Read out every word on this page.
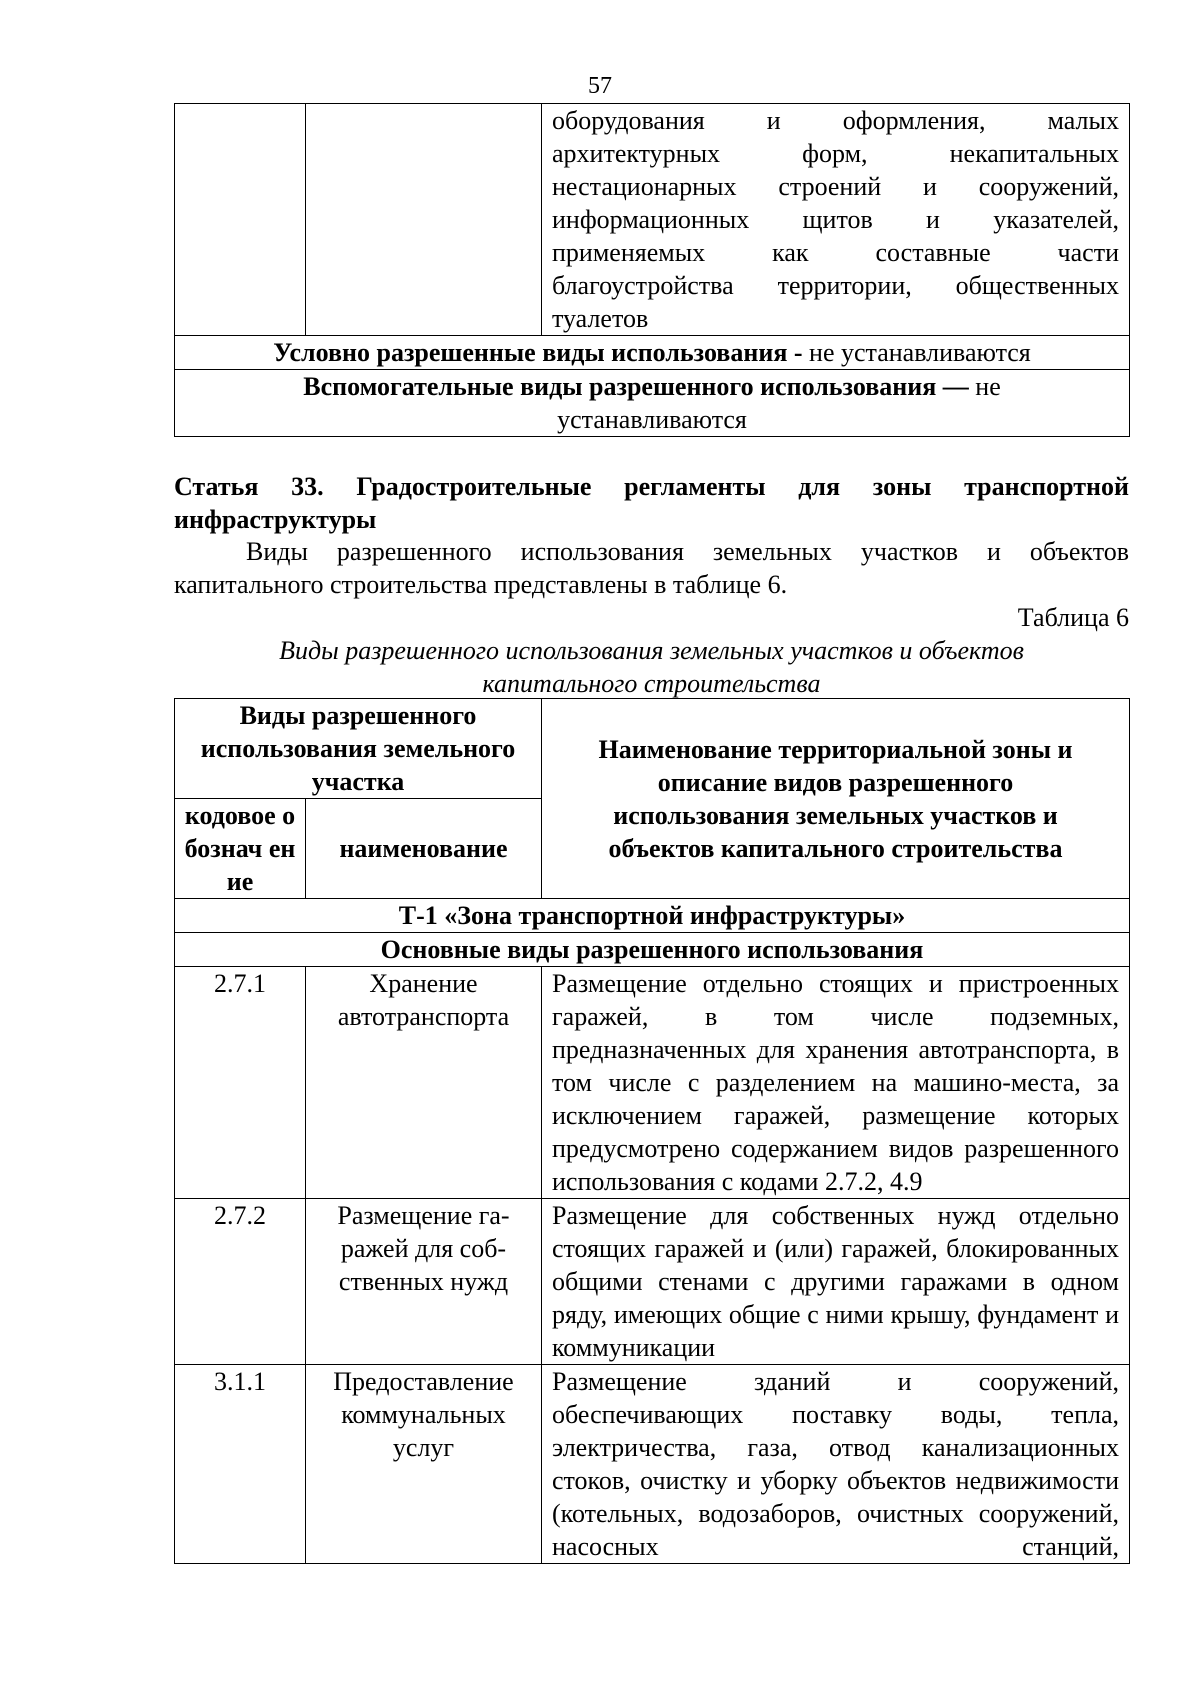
57

оборудования и оформления, малых
архитектурных форм, некапитальных
нестационарных строений и сооружений,
информационных щитов и указателей,
применяемых как составные части
благоустройства территории, общественных
туалетов

Условно разрешенные виды использования - не устанавливаются
Вспомогательные виды разрешенного использования — не устанавливаются
Статья 33. Градостроительные регламенты для зоны транспортной инфраструктуры
Виды разрешенного использования земельных участков и объектов капитального строительства представлены в таблице 6.
Таблица 6
Виды разрешенного использования земельных участков и объектов капитального строительства
Виды разрешенного использования земельного участка		Наименование территориальной зоны и описание видов разрешенного использования земельных участков и объектов капитального строительства
кодовое обознач ение	наименование	
Т-1 «Зона транспортной инфраструктуры»		
Основные виды разрешенного использования		
2.7.1	Хранение автотранспорта	Размещение отдельно стоящих и пристроенных гаражей, в том числе подземных, предназначенных для хранения автотранспорта, в том числе с разделением на машино-места, за исключением гаражей, размещение которых предусмотрено содержанием видов разрешенного использования с кодами 2.7.2, 4.9
2.7.2	Размещение га-ражей для соб-ственных нужд	Размещение для собственных нужд отдельно стоящих гаражей и (или) гаражей, блокированных общими стенами с другими гаражами в одном ряду, имеющих общие с ними крышу, фундамент и коммуникации
3.1.1	Предоставление коммунальных услуг	Размещение зданий и сооружений, обеспечивающих поставку воды, тепла, электричества, газа, отвод канализационных стоков, очистку и уборку объектов недвижимости (котельных, водозаборов, очистных сооружений, насосных станций,
